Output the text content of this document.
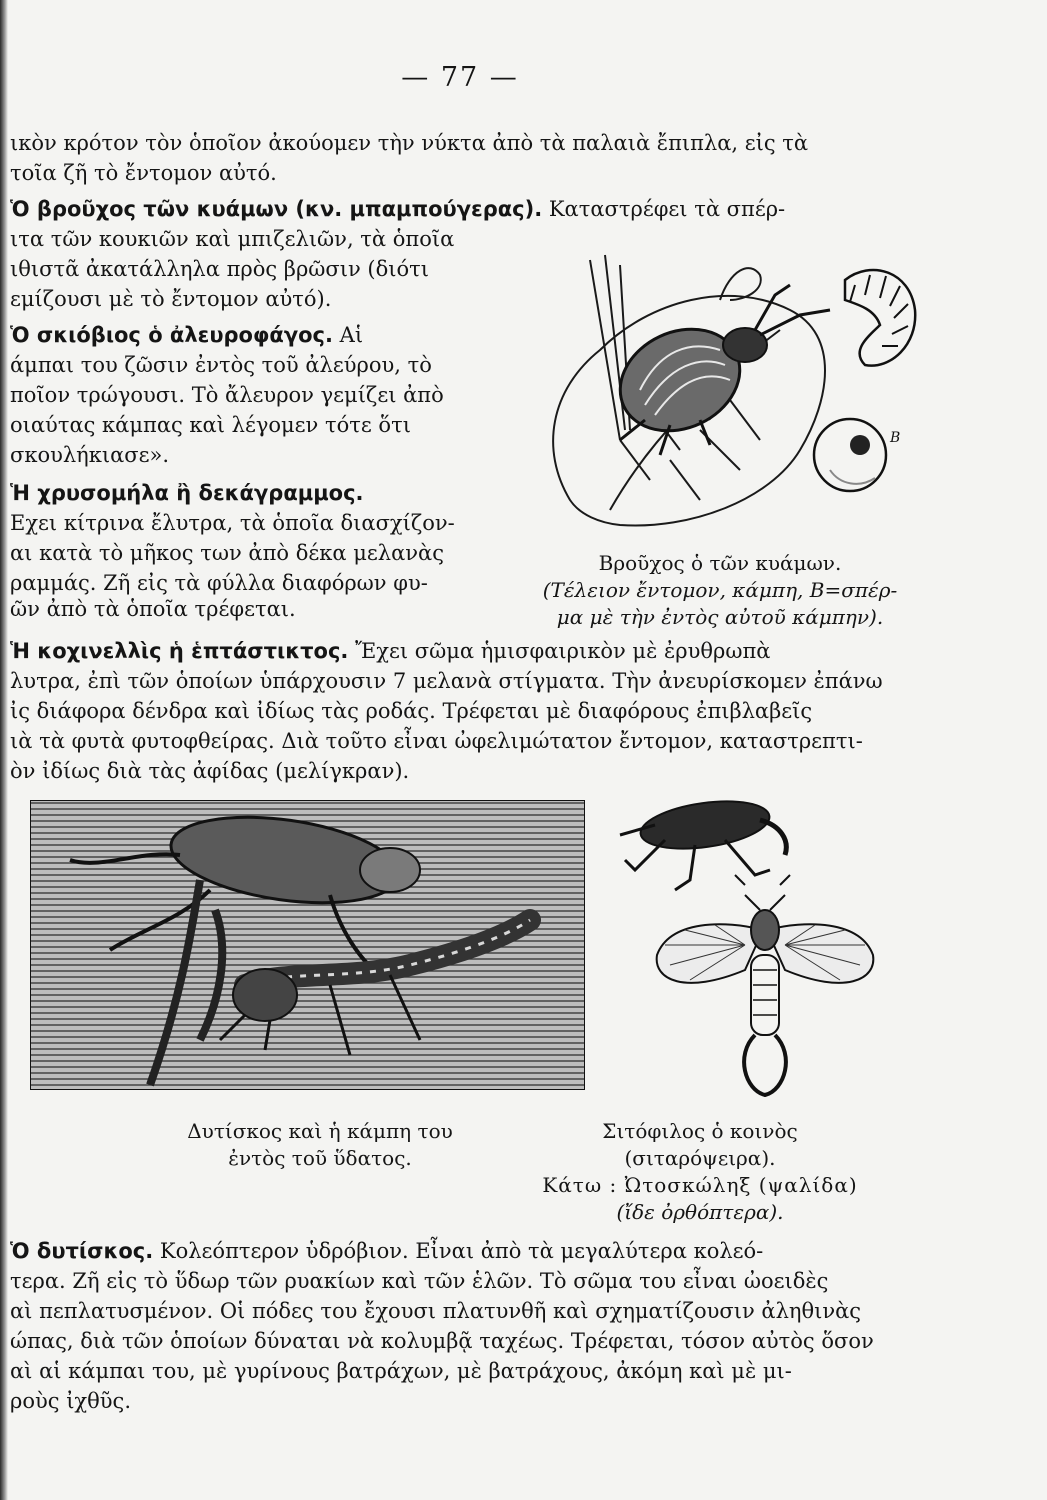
— 77 —
ικὸν κρότον τὸν ὁποῖον ἀκούομεν τὴν νύκτα ἀπὸ τὰ παλαιὰ ἔπιπλα, εἰς τὰ
τοῖα ζῆ τὸ ἔντομον αὐτό.
Ὁ βροῦχος τῶν κυάμων (κν. μπαμπούγερας). Καταστρέφει τὰ σπέρ-
ιτα τῶν κουκιῶν καὶ μπιζελιῶν, τὰ ὁποῖα
ιθιστᾶ ἀκατάλληλα πρὸς βρῶσιν (διότι
εμίζουσι μὲ τὸ ἔντομον αὐτό).
Ὁ σκιόβιος ὁ ἀλευροφάγος. Αἱ
άμπαι του ζῶσιν ἐντὸς τοῦ ἀλεύρου, τὸ
ποῖον τρώγουσι. Τὸ ἄλευρον γεμίζει ἀπὸ
οιαύτας κάμπας καὶ λέγομεν τότε ὅτι
σκουλήκιασε».
Ἡ χρυσομήλα ἢ δεκάγραμμος.
Εχει κίτρινα ἔλυτρα, τὰ ὁποῖα διασχίζον-
αι κατὰ τὸ μῆκος των ἀπὸ δέκα μελανὰς
ραμμάς. Ζῆ εἰς τὰ φύλλα διαφόρων φυ-
ῶν ἀπὸ τὰ ὁποῖα τρέφεται.
Β
Βροῦχος ὁ τῶν κυάμων.
(Τέλειον ἔντομον, κάμπη, Β=σπέρ-
μα μὲ τὴν ἐντὸς αὐτοῦ κάμπην).
Ἡ κοχινελλὶς ἡ ἑπτάστικτος. Ἔχει σῶμα ἡμισφαιρικὸν μὲ ἐρυθρωπὰ
λυτρα, ἐπὶ τῶν ὁποίων ὑπάρχουσιν 7 μελανὰ στίγματα. Τὴν ἀνευρίσκομεν ἐπάνω
ἰς διάφορα δένδρα καὶ ἰδίως τὰς ροδάς. Τρέφεται μὲ διαφόρους ἐπιβλαβεῖς
ιὰ τὰ φυτὰ φυτοφθείρας. Διὰ τοῦτο εἶναι ὠφελιμώτατον ἔντομον, καταστρεπτι-
ὸν ἰδίως διὰ τὰς ἀφίδας (μελίγκραν).
Δυτίσκος καὶ ἡ κάμπη του
ἐντὸς τοῦ ὕδατος.
Σιτόφιλος ὁ κοινὸς
(σιταρόψειρα).
Κάτω : Ὠτοσκώληξ (ψαλίδα)
(ἴδε ὀρθόπτερα).
Ὁ δυτίσκος. Κολεόπτερον ὑδρόβιον. Εἶναι ἀπὸ τὰ μεγαλύτερα κολεό-
τερα. Ζῆ εἰς τὸ ὕδωρ τῶν ρυακίων καὶ τῶν ἑλῶν. Τὸ σῶμα του εἶναι ὠοειδὲς
αὶ πεπλατυσμένον. Οἱ πόδες του ἔχουσι πλατυνθῆ καὶ σχηματίζουσιν ἀληθινὰς
ώπας, διὰ τῶν ὁποίων δύναται νὰ κολυμβᾷ ταχέως. Τρέφεται, τόσον αὐτὸς ὅσον
αὶ αἱ κάμπαι του, μὲ γυρίνους βατράχων, μὲ βατράχους, ἀκόμη καὶ μὲ μι-
ροὺς ἰχθῦς.
